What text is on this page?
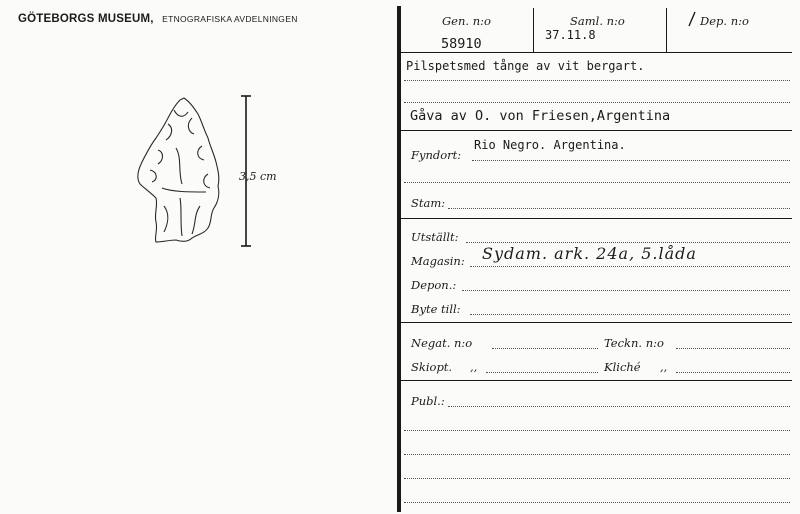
GÖTEBORGS MUSEUM, ETNOGRAFISKA AVDELNINGEN
3,5 cm
Gen. n:o
58910
Saml. n:o
37.11.8
Dep. n:o
Pilspetsmed tånge av vit bergart.
Gåva av O. von Friesen,Argentina
Fyndort:
Rio Negro. Argentina.
Stam:
Utställt:
Magasin: Sydam. ark. 24a, 5.låda
Depon.:
Byte till:
Negat. n:o	Teckn. n:o
Skiopt. ,,	Kliché ,,
Publ.:
